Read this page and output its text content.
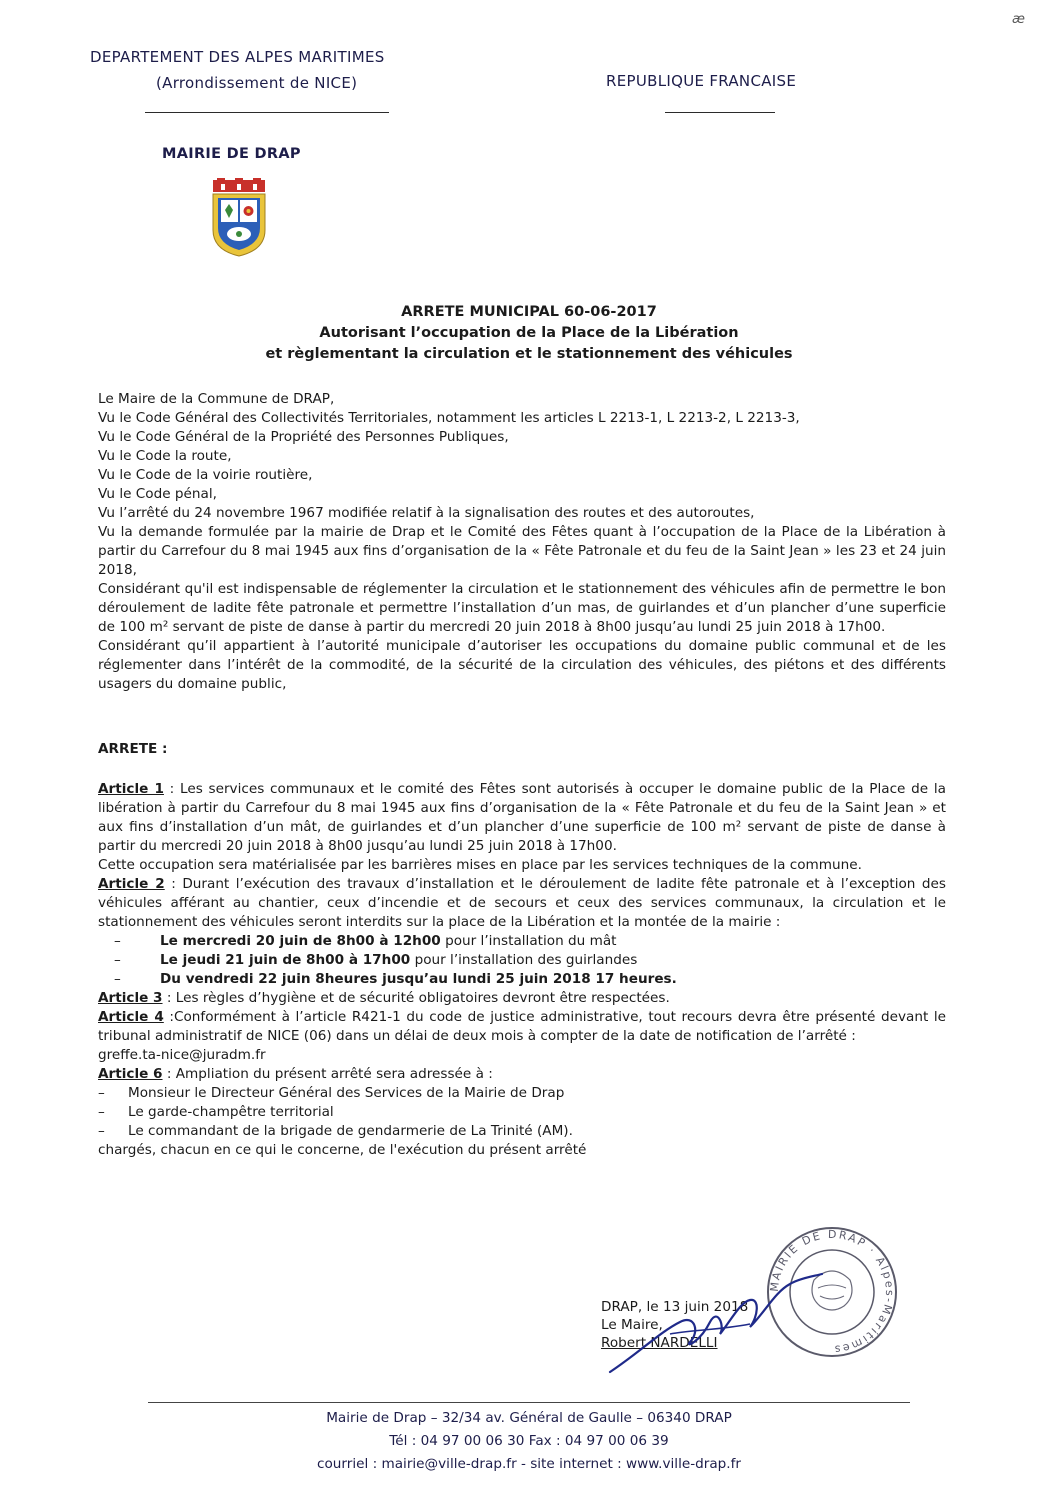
æ
DEPARTEMENT DES ALPES MARITIMES
(Arrondissement de NICE)	REPUBLIQUE FRANCAISE
MAIRIE DE DRAP
ARRETE MUNICIPAL 60-06-2017
Autorisant l’occupation de la Place de la Libération
et règlementant la circulation et le stationnement des véhicules

Le Maire de la Commune de DRAP,

Vu le Code Général des Collectivités Territoriales, notamment les articles L 2213-1, L 2213-2, L 2213-3,

Vu le Code Général de la Propriété des Personnes Publiques,

Vu le Code la route,

Vu le Code de la voirie routière,

Vu le Code pénal,

Vu l’arrêté du 24 novembre 1967 modifiée relatif à la signalisation des routes et des autoroutes,

Vu la demande formulée par la mairie de Drap et le Comité des Fêtes quant à l’occupation de la Place de la Libération à partir du Carrefour du 8 mai 1945 aux fins d’organisation de la « Fête Patronale et du feu de la Saint Jean » les 23 et 24 juin 2018,

Considérant qu'il est indispensable de réglementer la circulation et le stationnement des véhicules afin de permettre le bon déroulement de ladite fête patronale et permettre l’installation d’un mas, de guirlandes et d’un plancher d’une superficie de 100 m² servant de piste de danse à partir du mercredi 20 juin 2018 à 8h00 jusqu’au lundi 25 juin 2018 à 17h00.

Considérant qu’il appartient à l’autorité municipale d’autoriser les occupations du domaine public communal et de les réglementer dans l’intérêt de la commodité, de la sécurité de la circulation des véhicules, des piétons et des différents usagers du domaine public,

ARRETE :

Article 1 : Les services communaux et le comité des Fêtes sont autorisés à occuper le domaine public de la Place de la libération à partir du Carrefour du 8 mai 1945 aux fins d’organisation de la « Fête Patronale et du feu de la Saint Jean » et aux fins d’installation d’un mât, de guirlandes et d’un plancher d’une superficie de 100 m² servant de piste de danse à partir du mercredi 20 juin 2018 à 8h00 jusqu’au lundi 25 juin 2018 à 17h00.

Cette occupation sera matérialisée par les barrières mises en place par les services techniques de la commune.

Article 2 : Durant l’exécution des travaux d’installation et le déroulement de ladite fête patronale et à l’exception des véhicules afférant au chantier, ceux d’incendie et de secours et ceux des services communaux, la circulation et le stationnement des véhicules seront interdits sur la place de la Libération et la montée de la mairie :

–	Le mercredi 20 juin de 8h00 à 12h00 pour l’installation du mât

–	Le jeudi 21 juin de 8h00 à 17h00 pour l’installation des guirlandes

–	Du vendredi 22 juin 8heures jusqu’au lundi 25 juin 2018 17 heures.

Article 3 : Les règles d’hygiène et de sécurité obligatoires devront être respectées.

Article 4 :Conformément à l’article R421-1 du code de justice administrative, tout recours devra être présenté devant le tribunal administratif de NICE (06) dans un délai de deux mois à compter de la date de notification de l’arrêté :

greffe.ta-nice@juradm.fr

Article 6 : Ampliation du présent arrêté sera adressée à :

– Monsieur le Directeur Général des Services de la Mairie de Drap

– Le garde-champêtre territorial

– Le commandant de la brigade de gendarmerie de La Trinité (AM).

chargés, chacun en ce qui le concerne, de l'exécution du présent arrêté

MAIRIE DE DRAP · Alpes-Maritimes
DRAP, le 13 juin 2018
Le Maire,
Robert NARDELLI
Mairie de Drap – 32/34 av. Général de Gaulle – 06340 DRAP
Tél : 04 97 00 06 30 Fax : 04 97 00 06 39
courriel : mairie@ville-drap.fr - site internet : www.ville-drap.fr
